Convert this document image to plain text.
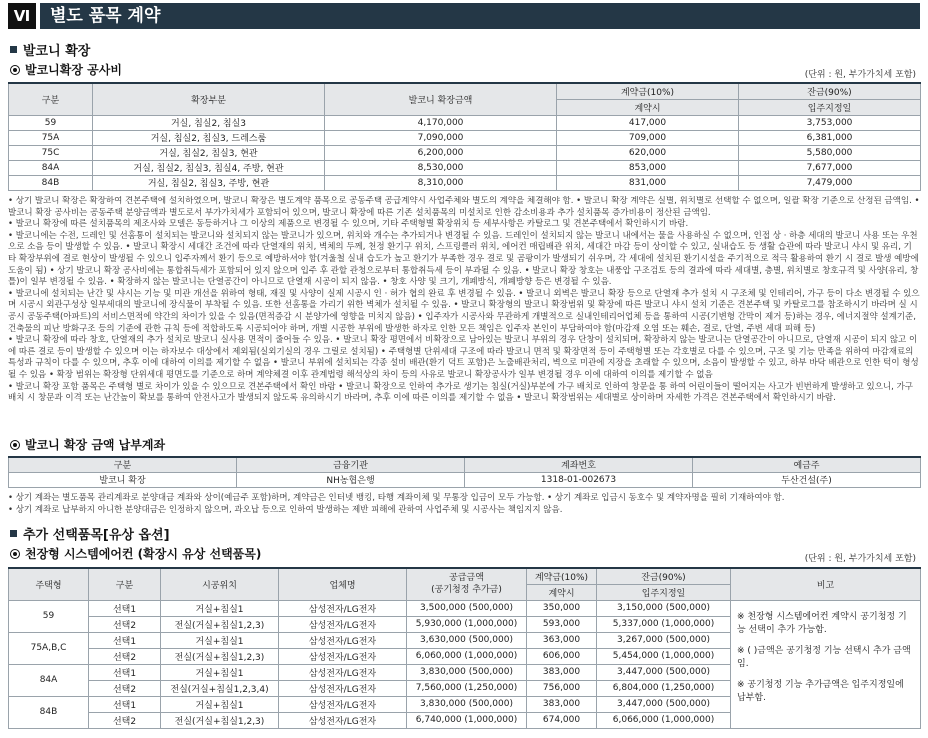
Ⅵ	별도 품목 계약
발코니 확장
발코니확장 공사비	(단위 : 원, 부가가치세 포함)
구분	확장부분	발코니 확장금액	계약금(10%)	잔금(90%)
			계약시	입주지정일
59	거실, 침실2, 침실3	4,170,000	417,000	3,753,000
75A	거실, 침실2, 침실3, 드레스룸	7,090,000	709,000	6,381,000
75C	거실, 침실2, 침실3, 현관	6,200,000	620,000	5,580,000
84A	거실, 침실2, 침실3, 침실4, 주방, 현관	8,530,000	853,000	7,677,000
84B	거실, 침실2, 침실3, 주방, 현관	8,310,000	831,000	7,479,000

• 상기 발코니 확장은 확장하여 견본주택에 설치하였으며, 발코니 확장은 별도계약 품목으로 공동주택 공급계약시 사업주체와 별도의 계약을 체결해야 함. • 발코니 확장 계약은 실별, 위치별로 선택할 수 없으며, 일괄 확장 기준으로 산정된 금액임. • 발코니 확장 공사비는 공동주택 분양금액과 별도로서 부가가치세가 포함되어 있으며, 발코니 확장에 따른 기존 설치품목의 미설치로 인한 감소비용과 추가 설치품목 증가비용이 정산된 금액임.

• 발코니 확장에 따른 설치품목의 제조사와 모델은 동등하거나 그 이상의 제품으로 변경될 수 있으며, 기타 주택형별 확장위치 등 세부사항은 카탈로그 및 견본주택에서 확인하시기 바람.

• 발코니에는 수전, 드레인 및 선홈통이 설치되는 발코니와 설치되지 않는 발코니가 있으며, 위치와 개수는 추가되거나 변경될 수 있음. 드레인이 설치되지 않는 발코니 내에서는 물을 사용하실 수 없으며, 인접 상 · 하층 세대의 발코니 사용 또는 우천으로 소음 등이 발생할 수 있음. • 발코니 확장시 세대간 조건에 따라 단열재의 위치, 벽체의 두께, 천정 환기구 위치, 스프링클러 위치, 에어컨 매립배관 위치, 세대간 마감 등이 상이할 수 있고, 실내습도 등 생활 습관에 따라 발코니 샤시 및 유리, 기타 확장부위에 결로 현상이 발생될 수 있으니 입주자께서 환기 등으로 예방하셔야 함(겨울철 실내 습도가 높고 환기가 부족한 경우 결로 및 곰팡이가 발생되기 쉬우며, 각 세대에 설치된 환기시설을 주기적으로 적극 활용하여 환기 시 결로 발생 예방에 도움이 됨) • 상기 발코니 확장 공사비에는 통합취득세가 포함되어 있지 않으며 입주 후 관할 관청으로부터 통합취득세 등이 부과될 수 있음. • 발코니 확장 창호는 내풍압 구조검토 등의 결과에 따라 세대별, 층별, 위치별로 창호규격 및 사양(유리, 창틀)이 일부 변경될 수 있음. • 확장하지 않는 발코니는 단열공간이 아니므로 단열재 시공이 되지 않음. • 창호 사양 및 크기, 개폐방식, 개폐방향 등은 변경될 수 있음.

• 발코니에 설치되는 난간 및 샤시는 기능 및 미관 개선을 위하여 형태, 재질 및 사양이 실제 시공시 인 · 허가 협의 완료 후 변경될 수 있음. • 발코니 외벽은 발코니 확장 등으로 단열재 추가 설치 시 구조체 및 인테리어, 가구 등이 다소 변경될 수 있으며 시공시 외관구성상 일부세대의 발코니에 장식물이 부착될 수 있음. 또한 선홈통을 가리기 위한 벽체가 설치될 수 있음. • 발코니 확장형의 발코니 확장범위 및 확장에 따른 발코니 샤시 설치 기준은 견본주택 및 카탈로그를 참조하시기 바라며 실 시공시 공동주택(아파트)의 서비스면적에 약간의 차이가 있을 수 있음(면적증감 시 분양가에 영향을 미치지 않음) • 입주자가 시공사와 무관하게 개별적으로 실내인테리어업체 등을 통하여 시공(기변형 간막이 제거 등)하는 경우, 에너지절약 설계기준, 건축물의 피난 방화구조 등의 기준에 관한 규칙 등에 적합하도록 시공되어야 하며, 개별 시공한 부위에 발생한 하자로 인한 모든 책임은 입주자 본인이 부담하여야 함(마감재 오염 또는 훼손, 결로, 단열, 주변 세대 피해 등)

• 발코니 확장에 따라 창호, 단열재의 추가 설치로 발코니 실사용 면적이 줄어들 수 있음. • 발코니 확장 평면에서 비확장으로 남아있는 발코니 부위의 경우 단창이 설치되며, 확장하지 않는 발코니는 단열공간이 아니므로, 단열재 시공이 되지 않고 이에 따른 결로 등이 발생할 수 있으며 이는 하자보수 대상에서 제외됨(실외기실의 경우 그릴로 설치됨) • 주택형별 단위세대 구조에 따라 발코니 면적 및 확장면적 등이 주택형별 또는 각호별로 다를 수 있으며, 구조 및 기능 만족을 위하여 마감재료의 특성과 규칙이 다를 수 있으며, 추후 이에 대하여 이의를 제기할 수 없음 • 발코니 부위에 설치되는 각종 설비 배관(환기 덕트 포함)은 노출배관처리, 벽으로 미관에 지장을 초래할 수 있으며, 소음이 발생할 수 있고, 하부 바닥 배관으로 인한 턱이 형성될 수 있음 • 확장 범위는 확장형 단위세대 평면도를 기준으로 하며 계약체결 이후 관계법령 해석상의 차이 등의 사유로 발코니 확장공사가 일부 변경될 경우 이에 대하여 이의를 제기할 수 없음

• 발코니 확장 포함 품목은 주택형 별로 차이가 있을 수 있으므로 견본주택에서 확인 바람 • 발코니 확장으로 인하여 추가로 생기는 침실(거실)부분에 가구 배치로 인하여 창문을 통 하여 어린이들이 떨어지는 사고가 빈번하게 발생하고 있으니, 가구 배치 시 창문과 이격 또는 난간높이 확보를 통하여 안전사고가 발생되지 않도록 유의하시기 바라며, 추후 이에 따른 이의를 제기할 수 없음 • 발코니 확장범위는 세대별로 상이하며 자세한 가격은 견본주택에서 확인하시기 바람.

발코니 확장 금액 납부계좌
구분	금융기관	계좌번호	예금주
발코니 확장	NH농협은행	1318-01-002673	두산건설(주)

• 상기 계좌는 별도품목 관리계좌로 분양대금 계좌와 상이(예금주 포함)하며, 계약금은 인터넷 뱅킹, 타행 계좌이체 및 무통장 입금이 모두 가능함. • 상기 계좌로 입금시 동호수 및 계약자명을 필히 기재하여야 함.

• 상기 계좌로 납부하지 아니한 분양대금은 인정하지 않으며, 과오납 등으로 인하여 발생하는 제반 피해에 관하여 사업주체 및 시공사는 책임지지 않음.

추가 선택품목[유상 옵션]
천장형 시스템에어컨 (확장시 유상 선택품목)	(단위 : 원, 부가가치세 포함)
주택형	구분	시공위치	업체명	공급금액
(공기청정 추가금)	계약금(10%)	잔금(90%)	비고
					계약시	입주지정일	
59	선택1	거실+침실1	삼성전자/LG전자	3,500,000 (500,000)	350,000	3,150,000 (500,000)	※ 천장형 시스템에어컨 계약시 공기청정 기능 선택이 추가 가능함.

※ ( )금액은 공기청정 기능 선택시 추가 금액임.

※ 공기청정 기능 추가금액은 입주지정일에 납부함.

	선택2	전실(거실+침실1,2,3)	삼성전자/LG전자	5,930,000 (1,000,000)	593,000	5,337,000 (1,000,000)	
75A,B,C	선택1	거실+침실1	삼성전자/LG전자	3,630,000 (500,000)	363,000	3,267,000 (500,000)	
	선택2	전실(거실+침실1,2,3)	삼성전자/LG전자	6,060,000 (1,000,000)	606,000	5,454,000 (1,000,000)	
84A	선택1	거실+침실1	삼성전자/LG전자	3,830,000 (500,000)	383,000	3,447,000 (500,000)	
	선택2	전실(거실+침실1,2,3,4)	삼성전자/LG전자	7,560,000 (1,250,000)	756,000	6,804,000 (1,250,000)	
84B	선택1	거실+침실1	삼성전자/LG전자	3,830,000 (500,000)	383,000	3,447,000 (500,000)	
	선택2	전실(거실+침실1,2,3)	삼성전자/LG전자	6,740,000 (1,000,000)	674,000	6,066,000 (1,000,000)	
